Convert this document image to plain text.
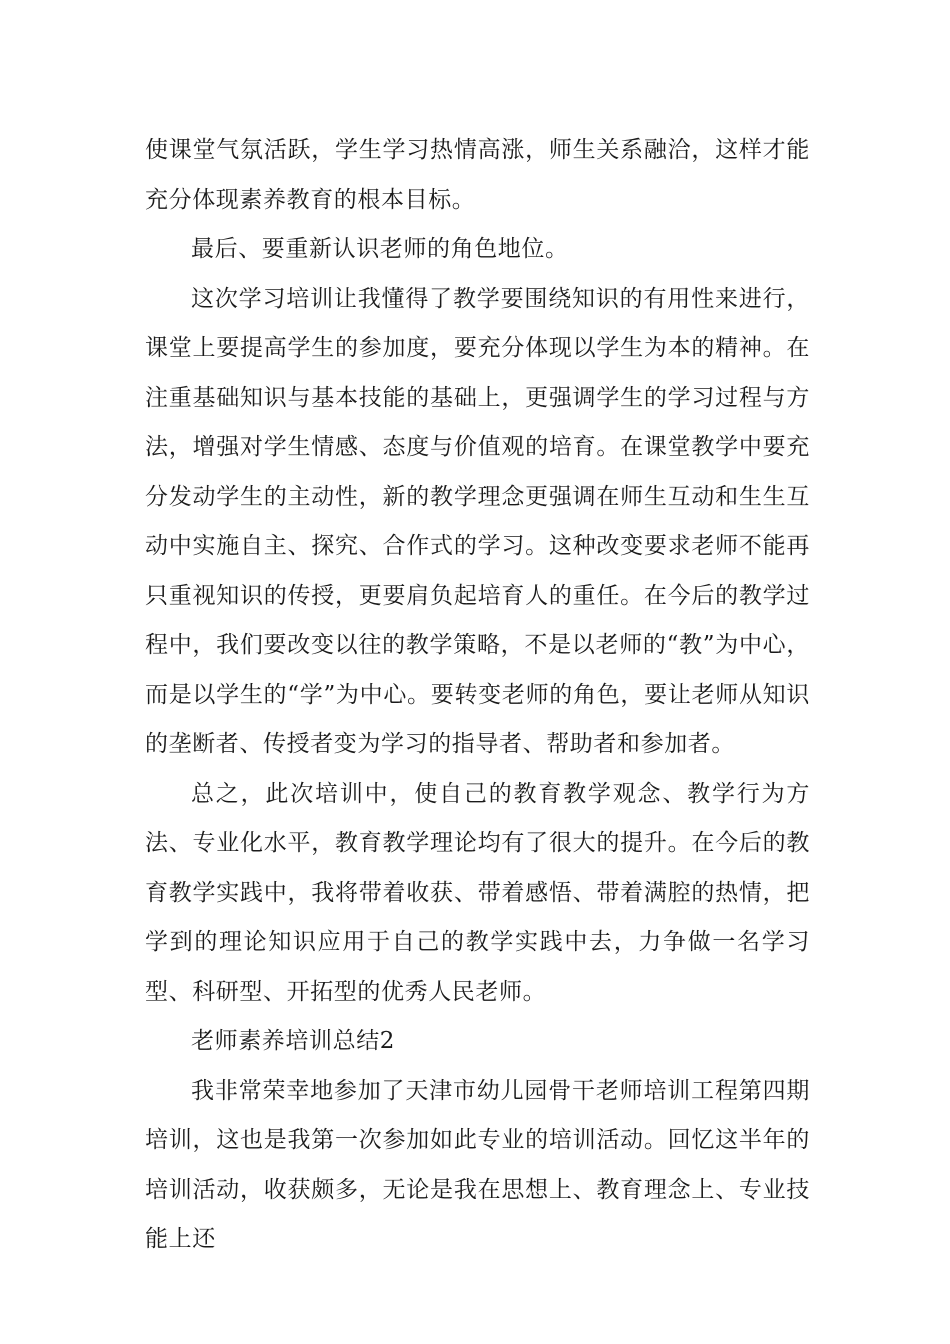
使课堂气氛活跃，学生学习热情高涨，师生关系融洽，这样才能充分体现素养教育的根本目标。

最后、要重新认识老师的角色地位。

这次学习培训让我懂得了教学要围绕知识的有用性来进行，课堂上要提高学生的参加度，要充分体现以学生为本的精神。在注重基础知识与基本技能的基础上，更强调学生的学习过程与方法，增强对学生情感、态度与价值观的培育。在课堂教学中要充分发动学生的主动性，新的教学理念更强调在师生互动和生生互动中实施自主、探究、合作式的学习。这种改变要求老师不能再只重视知识的传授，更要肩负起培育人的重任。在今后的教学过程中，我们要改变以往的教学策略，不是以老师的“教”为中心，而是以学生的“学”为中心。要转变老师的角色，要让老师从知识的垄断者、传授者变为学习的指导者、帮助者和参加者。

总之，此次培训中，使自己的教育教学观念、教学行为方法、专业化水平，教育教学理论均有了很大的提升。在今后的教育教学实践中，我将带着收获、带着感悟、带着满腔的热情，把学到的理论知识应用于自己的教学实践中去，力争做一名学习型、科研型、开拓型的优秀人民老师。

老师素养培训总结2

我非常荣幸地参加了天津市幼儿园骨干老师培训工程第四期培训，这也是我第一次参加如此专业的培训活动。回忆这半年的培训活动，收获颇多，无论是我在思想上、教育理念上、专业技能上还
